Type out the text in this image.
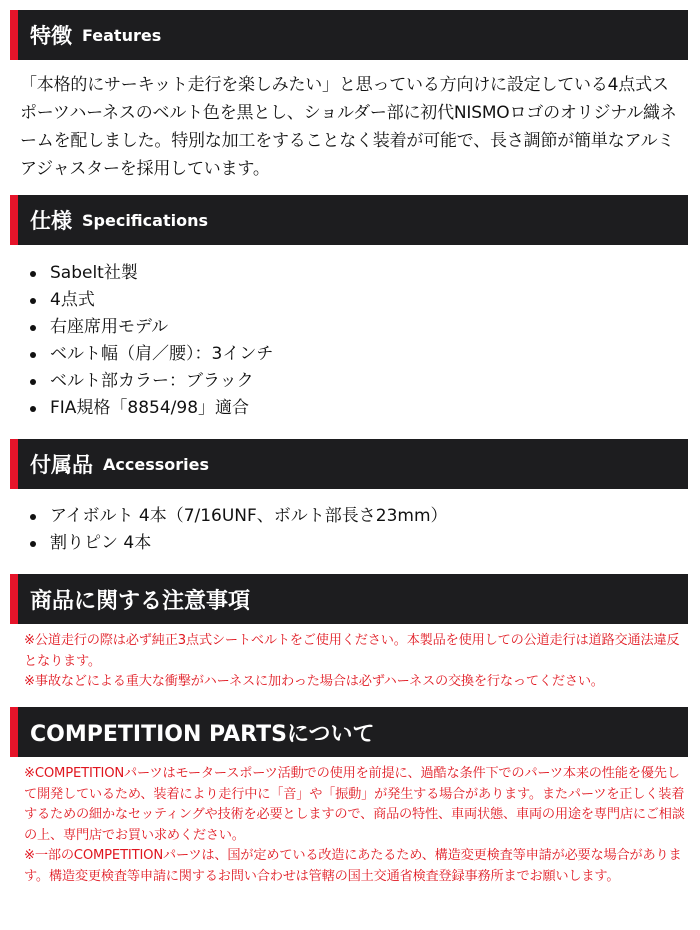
特徴 Features
「本格的にサーキット走行を楽しみたい」と思っている方向けに設定している4点式スポーツハーネスのベルト色を黒とし、ショルダー部に初代NISMOロゴのオリジナル織ネームを配しました。特別な加工をすることなく装着が可能で、長さ調節が簡単なアルミアジャスターを採用しています。
仕様 Specifications
Sabelt社製
4点式
右座席用モデル
ベルト幅（肩／腰）：3インチ
ベルト部カラー：ブラック
FIA規格「8854/98」適合
付属品 Accessories
アイボルト 4本（7/16UNF、ボルト部長さ23mm）
割りピン 4本
商品に関する注意事項
※公道走行の際は必ず純正3点式シートベルトをご使用ください。本製品を使用しての公道走行は道路交通法違反となります。
※事故などによる重大な衝撃がハーネスに加わった場合は必ずハーネスの交換を行なってください。
COMPETITION PARTSについて
※COMPETITIONパーツはモータースポーツ活動での使用を前提に、過酷な条件下でのパーツ本来の性能を優先して開発しているため、装着により走行中に「音」や「振動」が発生する場合があります。またパーツを正しく装着するための細かなセッティングや技術を必要としますので、商品の特性、車両状態、車両の用途を専門店にご相談の上、専門店でお買い求めください。
※一部のCOMPETITIONパーツは、国が定めている改造にあたるため、構造変更検査等申請が必要な場合があります。構造変更検査等申請に関するお問い合わせは管轄の国土交通省検査登録事務所までお願いします。
